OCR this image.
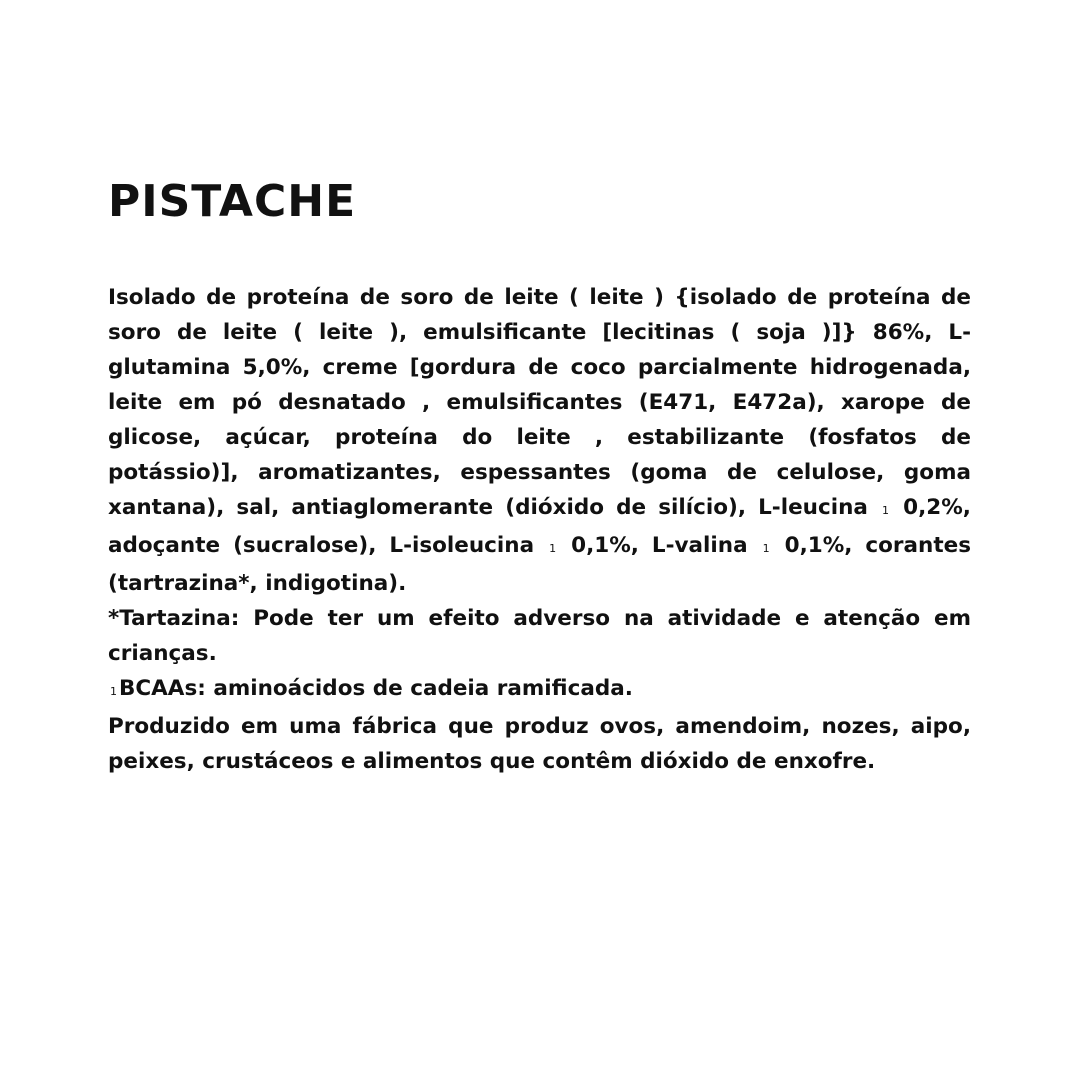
PISTACHE

Isolado de proteína de soro de leite ( leite ) {isolado de proteína de soro de leite ( leite ), emulsificante [lecitinas ( soja )]} 86%, L-glutamina 5,0%, creme [gordura de coco parcialmente hidrogenada, leite em pó desnatado , emulsificantes (E471, E472a), xarope de glicose, açúcar, proteína do leite , estabilizante (fosfatos de potássio)], aromatizantes, espessantes (goma de celulose, goma xantana), sal, antiaglomerante (dióxido de silício), L-leucina 1 0,2%, adoçante (sucralose), L-isoleucina 1 0,1%, L-valina 1 0,1%, corantes (tartrazina*, indigotina).

*Tartazina: Pode ter um efeito adverso na atividade e atenção em crianças.

1BCAAs: aminoácidos de cadeia ramificada.

Produzido em uma fábrica que produz ovos, amendoim, nozes, aipo, peixes, crustáceos e alimentos que contêm dióxido de enxofre.
